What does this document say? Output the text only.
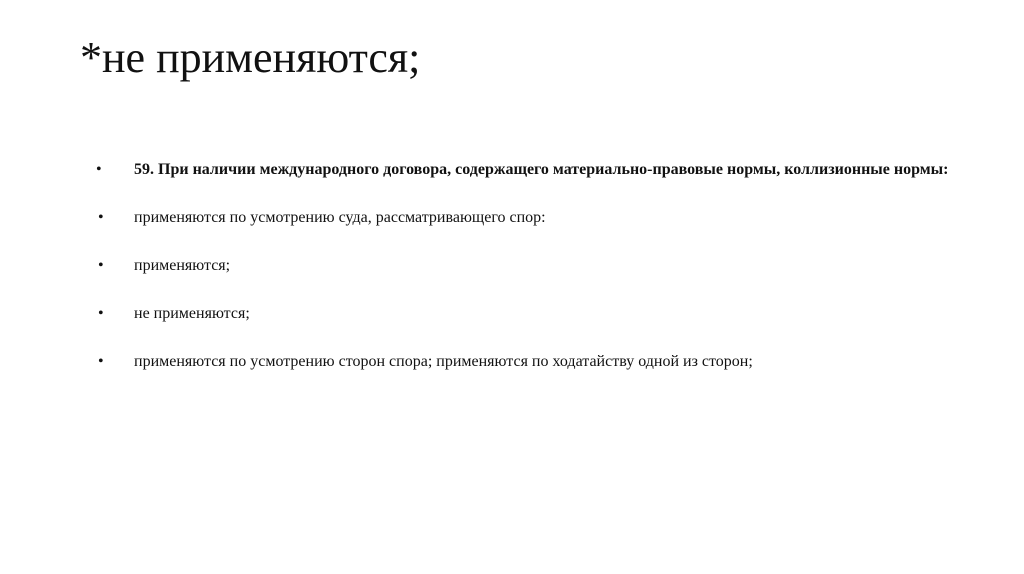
*не применяются;
• 59. При наличии международного договора, содержащего материально-правовые нормы, коллизионные нормы:
• применяются по усмотрению суда, рассматривающего спор:
• применяются;
• не применяются;
• применяются по усмотрению сторон спора; применяются по ходатайству одной из сторон;
